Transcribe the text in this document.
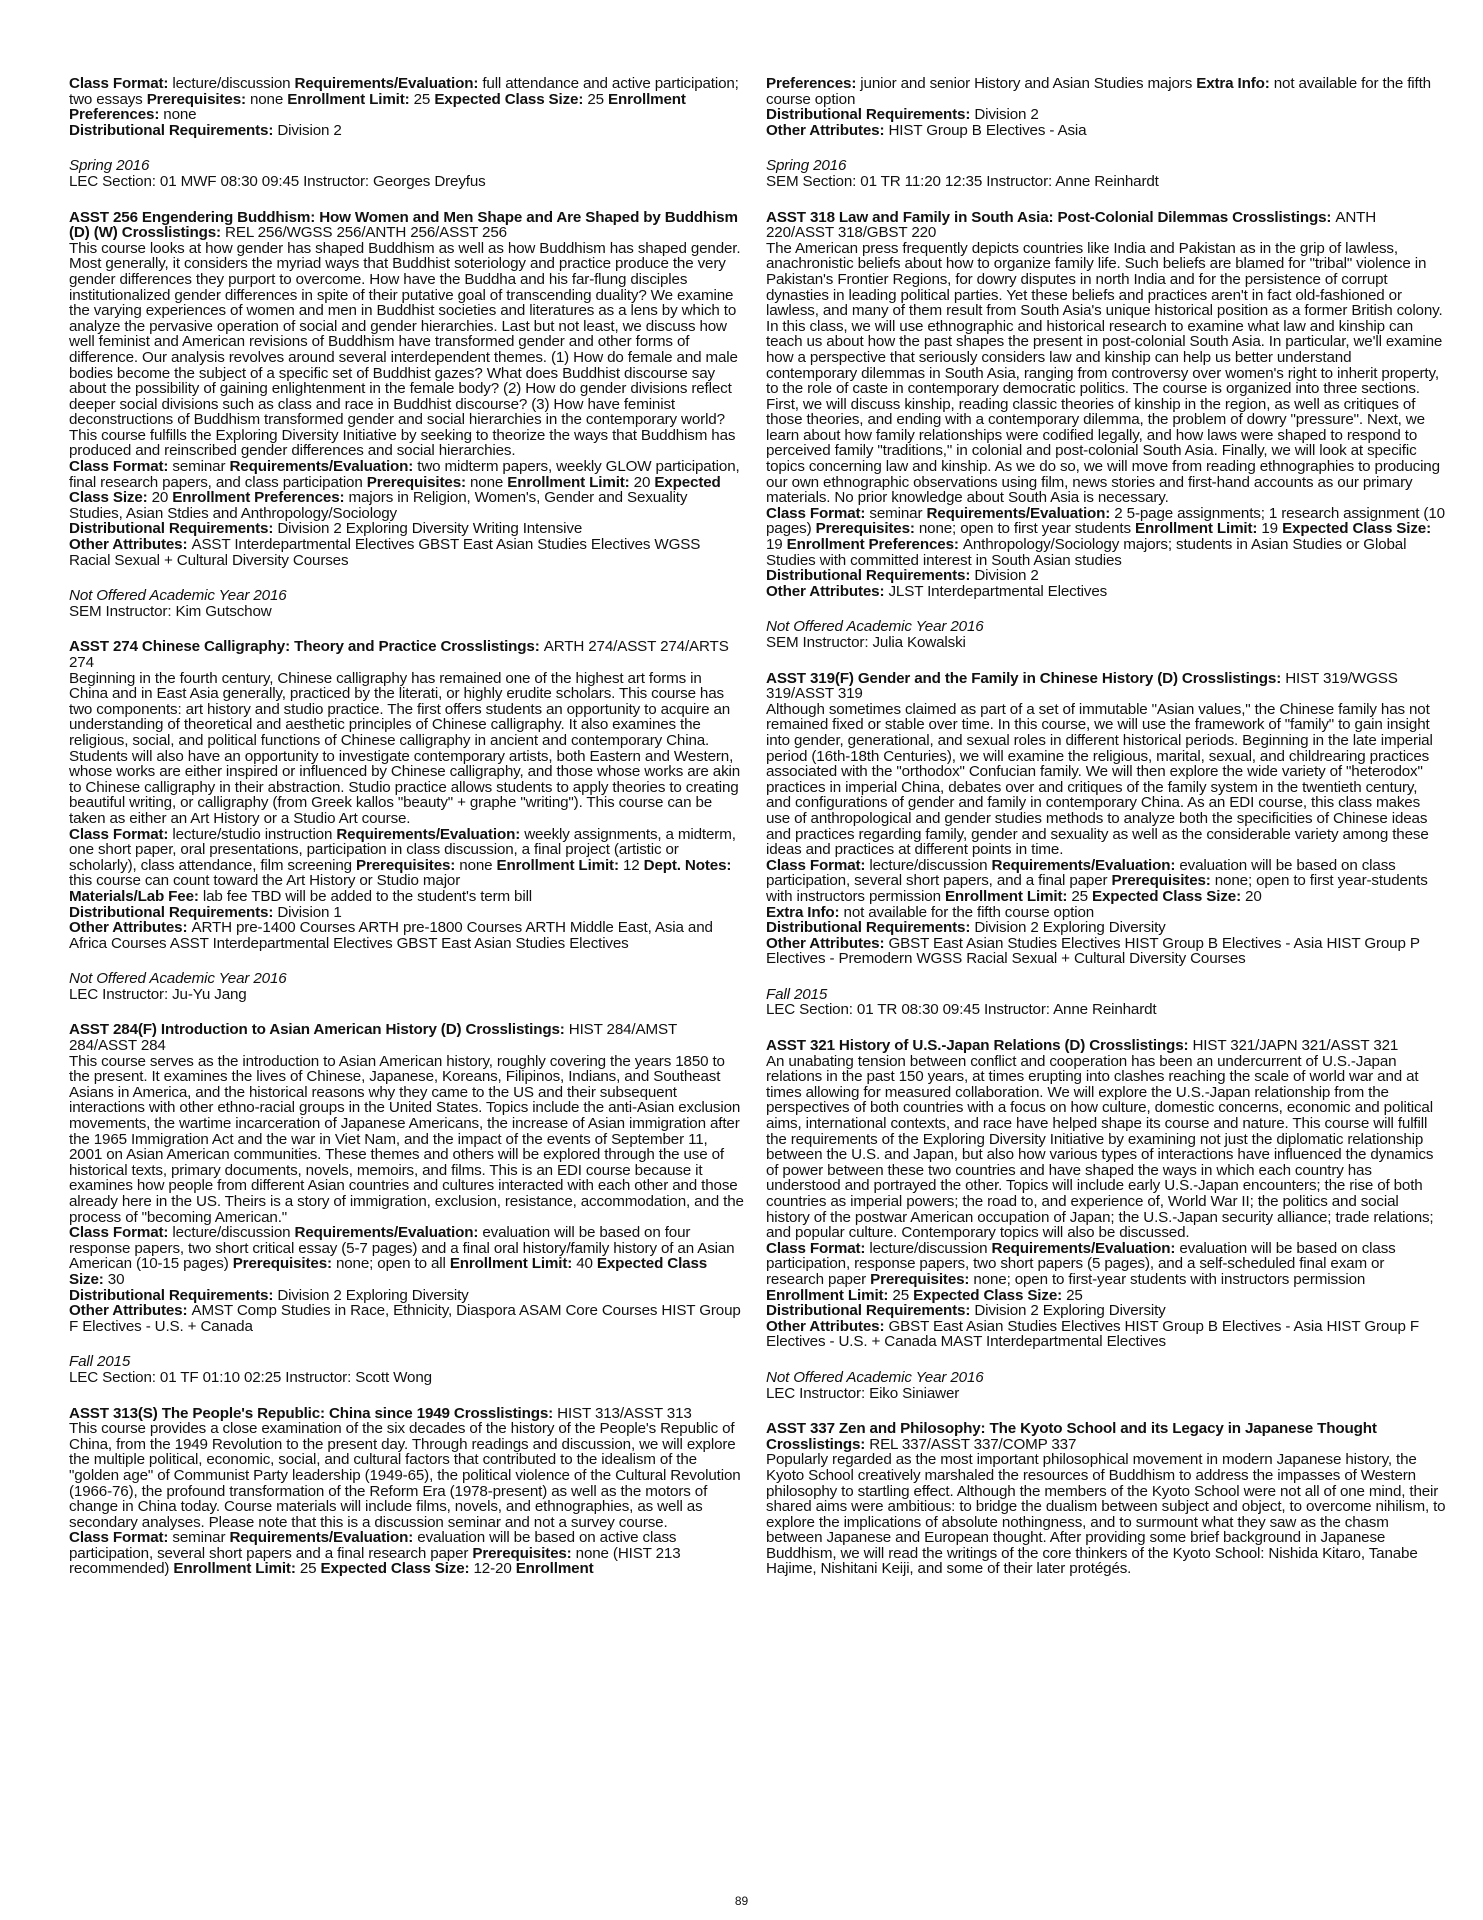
Class Format: lecture/discussion Requirements/Evaluation: full attendance and active participation; two essays Prerequisites: none Enrollment Limit: 25 Expected Class Size: 25 Enrollment Preferences: none

Distributional Requirements: Division 2

Spring 2016

LEC Section: 01 MWF 08:30 09:45 Instructor: Georges Dreyfus

ASST 256 Engendering Buddhism: How Women and Men Shape and Are Shaped by Buddhism (D) (W) Crosslistings: REL 256/WGSS 256/ANTH 256/ASST 256

This course looks at how gender has shaped Buddhism as well as how Buddhism has shaped gender. Most generally, it considers the myriad ways that Buddhist soteriology and practice produce the very gender differences they purport to overcome. How have the Buddha and his far-flung disciples institutionalized gender differences in spite of their putative goal of transcending duality? We examine the varying experiences of women and men in Buddhist societies and literatures as a lens by which to analyze the pervasive operation of social and gender hierarchies. Last but not least, we discuss how well feminist and American revisions of Buddhism have transformed gender and other forms of difference. Our analysis revolves around several interdependent themes. (1) How do female and male bodies become the subject of a specific set of Buddhist gazes? What does Buddhist discourse say about the possibility of gaining enlightenment in the female body? (2) How do gender divisions reflect deeper social divisions such as class and race in Buddhist discourse? (3) How have feminist deconstructions of Buddhism transformed gender and social hierarchies in the contemporary world? This course fulfills the Exploring Diversity Initiative by seeking to theorize the ways that Buddhism has produced and reinscribed gender differences and social hierarchies.

Class Format: seminar Requirements/Evaluation: two midterm papers, weekly GLOW participation, final research papers, and class participation Prerequisites: none Enrollment Limit: 20 Expected Class Size: 20 Enrollment Preferences: majors in Religion, Women's, Gender and Sexuality Studies, Asian Stdies and Anthropology/Sociology

Distributional Requirements: Division 2 Exploring Diversity Writing Intensive

Other Attributes: ASST Interdepartmental Electives GBST East Asian Studies Electives WGSS Racial Sexual + Cultural Diversity Courses

Not Offered Academic Year 2016

SEM Instructor: Kim Gutschow

ASST 274 Chinese Calligraphy: Theory and Practice Crosslistings: ARTH 274/ASST 274/ARTS 274

Beginning in the fourth century, Chinese calligraphy has remained one of the highest art forms in China and in East Asia generally, practiced by the literati, or highly erudite scholars. This course has two components: art history and studio practice. The first offers students an opportunity to acquire an understanding of theoretical and aesthetic principles of Chinese calligraphy. It also examines the religious, social, and political functions of Chinese calligraphy in ancient and contemporary China. Students will also have an opportunity to investigate contemporary artists, both Eastern and Western, whose works are either inspired or influenced by Chinese calligraphy, and those whose works are akin to Chinese calligraphy in their abstraction. Studio practice allows students to apply theories to creating beautiful writing, or calligraphy (from Greek kallos "beauty" + graphe "writing"). This course can be taken as either an Art History or a Studio Art course.

Class Format: lecture/studio instruction Requirements/Evaluation: weekly assignments, a midterm, one short paper, oral presentations, participation in class discussion, a final project (artistic or scholarly), class attendance, film screening Prerequisites: none Enrollment Limit: 12 Dept. Notes: this course can count toward the Art History or Studio major

Materials/Lab Fee: lab fee TBD will be added to the student's term bill

Distributional Requirements: Division 1

Other Attributes: ARTH pre-1400 Courses ARTH pre-1800 Courses ARTH Middle East, Asia and Africa Courses ASST Interdepartmental Electives GBST East Asian Studies Electives

Not Offered Academic Year 2016

LEC Instructor: Ju-Yu Jang

ASST 284(F) Introduction to Asian American History (D) Crosslistings: HIST 284/AMST 284/ASST 284

This course serves as the introduction to Asian American history, roughly covering the years 1850 to the present. It examines the lives of Chinese, Japanese, Koreans, Filipinos, Indians, and Southeast Asians in America, and the historical reasons why they came to the US and their subsequent interactions with other ethno-racial groups in the United States. Topics include the anti-Asian exclusion movements, the wartime incarceration of Japanese Americans, the increase of Asian immigration after the 1965 Immigration Act and the war in Viet Nam, and the impact of the events of September 11, 2001 on Asian American communities. These themes and others will be explored through the use of historical texts, primary documents, novels, memoirs, and films. This is an EDI course because it examines how people from different Asian countries and cultures interacted with each other and those already here in the US. Theirs is a story of immigration, exclusion, resistance, accommodation, and the process of "becoming American."

Class Format: lecture/discussion Requirements/Evaluation: evaluation will be based on four response papers, two short critical essay (5-7 pages) and a final oral history/family history of an Asian American (10-15 pages) Prerequisites: none; open to all Enrollment Limit: 40 Expected Class Size: 30

Distributional Requirements: Division 2 Exploring Diversity

Other Attributes: AMST Comp Studies in Race, Ethnicity, Diaspora ASAM Core Courses HIST Group F Electives - U.S. + Canada

Fall 2015

LEC Section: 01 TF 01:10 02:25 Instructor: Scott Wong

ASST 313(S) The People's Republic: China since 1949 Crosslistings: HIST 313/ASST 313

This course provides a close examination of the six decades of the history of the People's Republic of China, from the 1949 Revolution to the present day. Through readings and discussion, we will explore the multiple political, economic, social, and cultural factors that contributed to the idealism of the "golden age" of Communist Party leadership (1949-65), the political violence of the Cultural Revolution (1966-76), the profound transformation of the Reform Era (1978-present) as well as the motors of change in China today. Course materials will include films, novels, and ethnographies, as well as secondary analyses. Please note that this is a discussion seminar and not a survey course.

Class Format: seminar Requirements/Evaluation: evaluation will be based on active class participation, several short papers and a final research paper Prerequisites: none (HIST 213 recommended) Enrollment Limit: 25 Expected Class Size: 12-20 Enrollment

Preferences: junior and senior History and Asian Studies majors Extra Info: not available for the fifth course option

Distributional Requirements: Division 2

Other Attributes: HIST Group B Electives - Asia

Spring 2016

SEM Section: 01 TR 11:20 12:35 Instructor: Anne Reinhardt

ASST 318 Law and Family in South Asia: Post-Colonial Dilemmas Crosslistings: ANTH 220/ASST 318/GBST 220

The American press frequently depicts countries like India and Pakistan as in the grip of lawless, anachronistic beliefs about how to organize family life. Such beliefs are blamed for "tribal" violence in Pakistan's Frontier Regions, for dowry disputes in north India and for the persistence of corrupt dynasties in leading political parties. Yet these beliefs and practices aren't in fact old-fashioned or lawless, and many of them result from South Asia's unique historical position as a former British colony. In this class, we will use ethnographic and historical research to examine what law and kinship can teach us about how the past shapes the present in post-colonial South Asia. In particular, we'll examine how a perspective that seriously considers law and kinship can help us better understand contemporary dilemmas in South Asia, ranging from controversy over women's right to inherit property, to the role of caste in contemporary democratic politics. The course is organized into three sections. First, we will discuss kinship, reading classic theories of kinship in the region, as well as critiques of those theories, and ending with a contemporary dilemma, the problem of dowry "pressure". Next, we learn about how family relationships were codified legally, and how laws were shaped to respond to perceived family "traditions," in colonial and post-colonial South Asia. Finally, we will look at specific topics concerning law and kinship. As we do so, we will move from reading ethnographies to producing our own ethnographic observations using film, news stories and first-hand accounts as our primary materials. No prior knowledge about South Asia is necessary.

Class Format: seminar Requirements/Evaluation: 2 5-page assignments; 1 research assignment (10 pages) Prerequisites: none; open to first year students Enrollment Limit: 19 Expected Class Size: 19 Enrollment Preferences: Anthropology/Sociology majors; students in Asian Studies or Global Studies with committed interest in South Asian studies

Distributional Requirements: Division 2

Other Attributes: JLST Interdepartmental Electives

Not Offered Academic Year 2016

SEM Instructor: Julia Kowalski

ASST 319(F) Gender and the Family in Chinese History (D) Crosslistings: HIST 319/WGSS 319/ASST 319

Although sometimes claimed as part of a set of immutable "Asian values," the Chinese family has not remained fixed or stable over time. In this course, we will use the framework of "family" to gain insight into gender, generational, and sexual roles in different historical periods. Beginning in the late imperial period (16th-18th Centuries), we will examine the religious, marital, sexual, and childrearing practices associated with the "orthodox" Confucian family. We will then explore the wide variety of "heterodox" practices in imperial China, debates over and critiques of the family system in the twentieth century, and configurations of gender and family in contemporary China. As an EDI course, this class makes use of anthropological and gender studies methods to analyze both the specificities of Chinese ideas and practices regarding family, gender and sexuality as well as the considerable variety among these ideas and practices at different points in time.

Class Format: lecture/discussion Requirements/Evaluation: evaluation will be based on class participation, several short papers, and a final paper Prerequisites: none; open to first year-students with instructors permission Enrollment Limit: 25 Expected Class Size: 20

Extra Info: not available for the fifth course option

Distributional Requirements: Division 2 Exploring Diversity

Other Attributes: GBST East Asian Studies Electives HIST Group B Electives - Asia HIST Group P Electives - Premodern WGSS Racial Sexual + Cultural Diversity Courses

Fall 2015

LEC Section: 01 TR 08:30 09:45 Instructor: Anne Reinhardt

ASST 321 History of U.S.-Japan Relations (D) Crosslistings: HIST 321/JAPN 321/ASST 321

An unabating tension between conflict and cooperation has been an undercurrent of U.S.-Japan relations in the past 150 years, at times erupting into clashes reaching the scale of world war and at times allowing for measured collaboration. We will explore the U.S.-Japan relationship from the perspectives of both countries with a focus on how culture, domestic concerns, economic and political aims, international contexts, and race have helped shape its course and nature. This course will fulfill the requirements of the Exploring Diversity Initiative by examining not just the diplomatic relationship between the U.S. and Japan, but also how various types of interactions have influenced the dynamics of power between these two countries and have shaped the ways in which each country has understood and portrayed the other. Topics will include early U.S.-Japan encounters; the rise of both countries as imperial powers; the road to, and experience of, World War II; the politics and social history of the postwar American occupation of Japan; the U.S.-Japan security alliance; trade relations; and popular culture. Contemporary topics will also be discussed.

Class Format: lecture/discussion Requirements/Evaluation: evaluation will be based on class participation, response papers, two short papers (5 pages), and a self-scheduled final exam or research paper Prerequisites: none; open to first-year students with instructors permission Enrollment Limit: 25 Expected Class Size: 25

Distributional Requirements: Division 2 Exploring Diversity

Other Attributes: GBST East Asian Studies Electives HIST Group B Electives - Asia HIST Group F Electives - U.S. + Canada MAST Interdepartmental Electives

Not Offered Academic Year 2016

LEC Instructor: Eiko Siniawer

ASST 337 Zen and Philosophy: The Kyoto School and its Legacy in Japanese Thought Crosslistings: REL 337/ASST 337/COMP 337

Popularly regarded as the most important philosophical movement in modern Japanese history, the Kyoto School creatively marshaled the resources of Buddhism to address the impasses of Western philosophy to startling effect. Although the members of the Kyoto School were not all of one mind, their shared aims were ambitious: to bridge the dualism between subject and object, to overcome nihilism, to explore the implications of absolute nothingness, and to surmount what they saw as the chasm between Japanese and European thought. After providing some brief background in Japanese Buddhism, we will read the writings of the core thinkers of the Kyoto School: Nishida Kitaro, Tanabe Hajime, Nishitani Keiji, and some of their later protégés.

89
